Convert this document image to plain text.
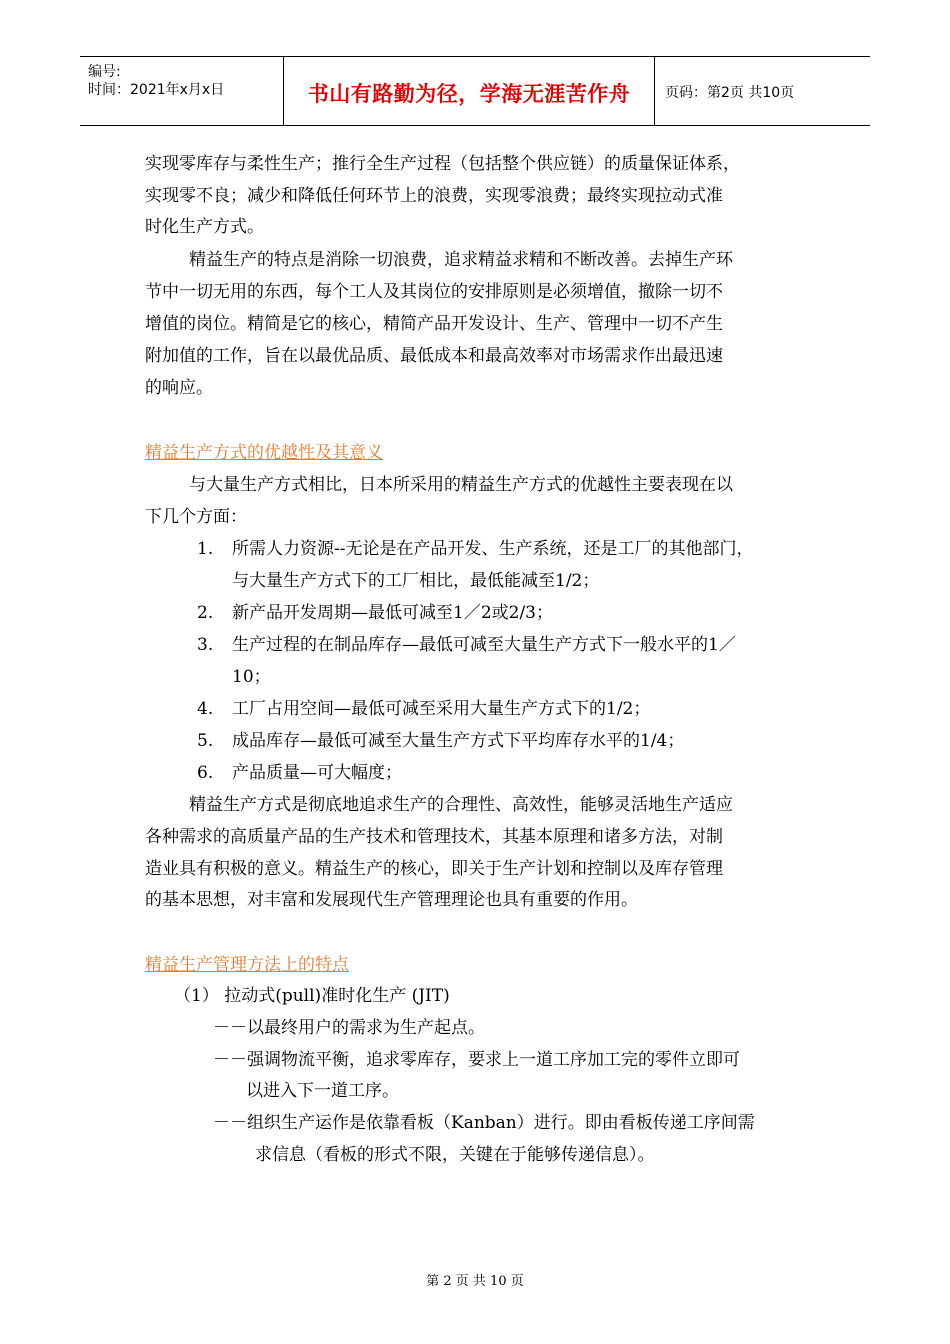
编号:
时间：2021年x月x日	书山有路勤为径，学海无涯苦作舟	页码：第2页 共10页
实现零库存与柔性生产；推行全生产过程（包括整个供应链）的质量保证体系，
实现零不良；减少和降低任何环节上的浪费，实现零浪费；最终实现拉动式准
时化生产方式。
精益生产的特点是消除一切浪费，追求精益求精和不断改善。去掉生产环
节中一切无用的东西，每个工人及其岗位的安排原则是必须增值，撤除一切不
增值的岗位。精简是它的核心，精简产品开发设计、生产、管理中一切不产生
附加值的工作，旨在以最优品质、最低成本和最高效率对市场需求作出最迅速
的响应。
精益生产方式的优越性及其意义
与大量生产方式相比，日本所采用的精益生产方式的优越性主要表现在以
下几个方面：
1. 所需人力资源--无论是在产品开发、生产系统，还是工厂的其他部门，
与大量生产方式下的工厂相比，最低能减至1/2；
2. 新产品开发周期—最低可减至1／2或2/3；
3. 生产过程的在制品库存—最低可减至大量生产方式下一般水平的1／
10；
4. 工厂占用空间—最低可减至采用大量生产方式下的1/2；
5. 成品库存—最低可减至大量生产方式下平均库存水平的1/4；
6. 产品质量—可大幅度；
精益生产方式是彻底地追求生产的合理性、高效性，能够灵活地生产适应
各种需求的高质量产品的生产技术和管理技术，其基本原理和诸多方法，对制
造业具有积极的意义。精益生产的核心，即关于生产计划和控制以及库存管理
的基本思想，对丰富和发展现代生产管理理论也具有重要的作用。
精益生产管理方法上的特点
（1） 拉动式(pull)准时化生产 (JIT)
－－以最终用户的需求为生产起点。
－－强调物流平衡，追求零库存，要求上一道工序加工完的零件立即可
以进入下一道工序。
－－组织生产运作是依靠看板（Kanban）进行。即由看板传递工序间需
求信息（看板的形式不限，关键在于能够传递信息）。
第 2 页 共 10 页
